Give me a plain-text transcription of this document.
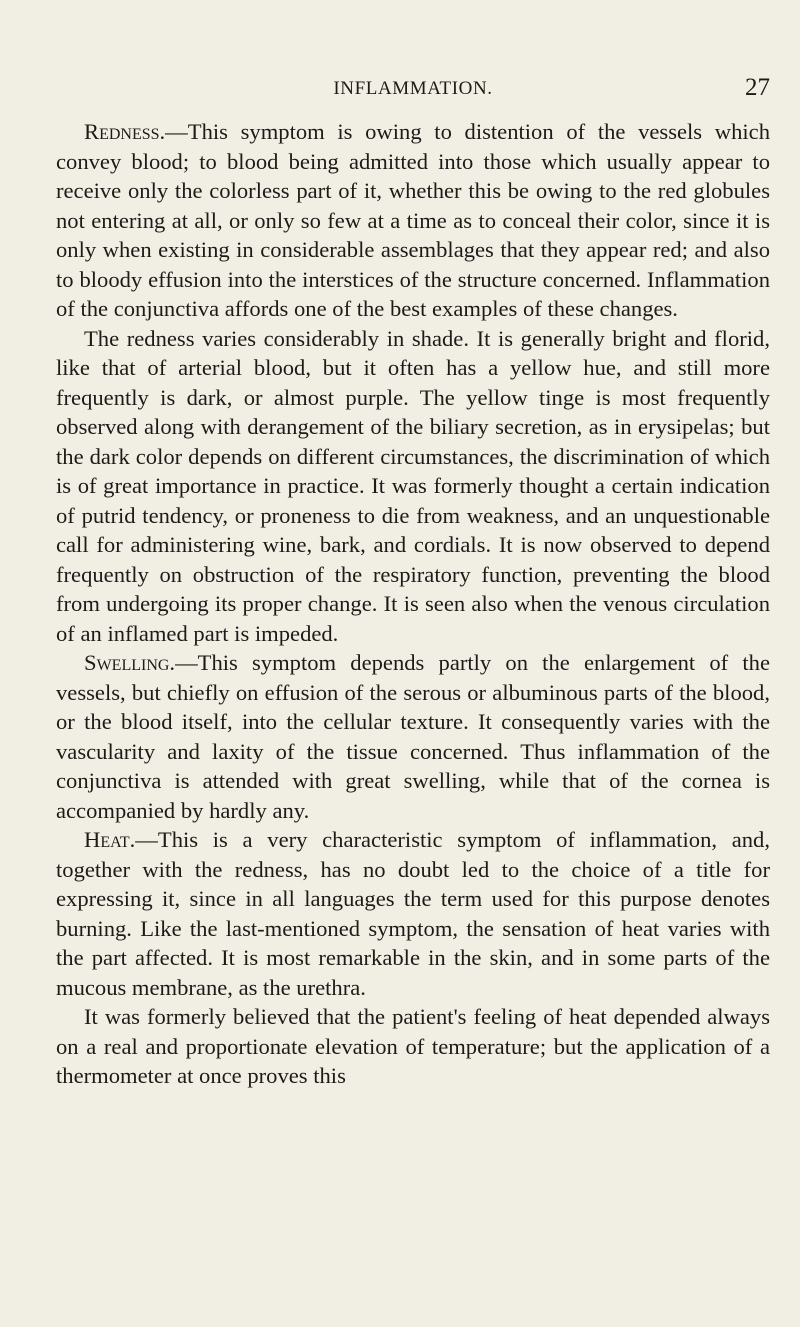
INFLAMMATION.	27

Redness.—This symptom is owing to distention of the vessels which convey blood; to blood being admitted into those which usually appear to receive only the colorless part of it, whether this be owing to the red globules not entering at all, or only so few at a time as to conceal their color, since it is only when existing in considerable assemblages that they appear red; and also to bloody effusion into the interstices of the structure concerned. Inflammation of the conjunctiva affords one of the best examples of these changes.

The redness varies considerably in shade. It is generally bright and florid, like that of arterial blood, but it often has a yellow hue, and still more frequently is dark, or almost purple. The yellow tinge is most frequently observed along with derangement of the biliary secretion, as in erysipelas; but the dark color depends on different circumstances, the discrimination of which is of great importance in practice. It was formerly thought a certain indication of putrid tendency, or proneness to die from weakness, and an unquestionable call for administering wine, bark, and cordials. It is now observed to depend frequently on obstruction of the respiratory function, preventing the blood from undergoing its proper change. It is seen also when the venous circulation of an inflamed part is impeded.

Swelling.—This symptom depends partly on the enlargement of the vessels, but chiefly on effusion of the serous or albuminous parts of the blood, or the blood itself, into the cellular texture. It consequently varies with the vascularity and laxity of the tissue concerned. Thus inflammation of the conjunctiva is attended with great swelling, while that of the cornea is accompanied by hardly any.

Heat.—This is a very characteristic symptom of inflammation, and, together with the redness, has no doubt led to the choice of a title for expressing it, since in all languages the term used for this purpose denotes burning. Like the last-mentioned symptom, the sensation of heat varies with the part affected. It is most remarkable in the skin, and in some parts of the mucous membrane, as the urethra.

It was formerly believed that the patient's feeling of heat depended always on a real and proportionate elevation of temperature; but the application of a thermometer at once proves this
